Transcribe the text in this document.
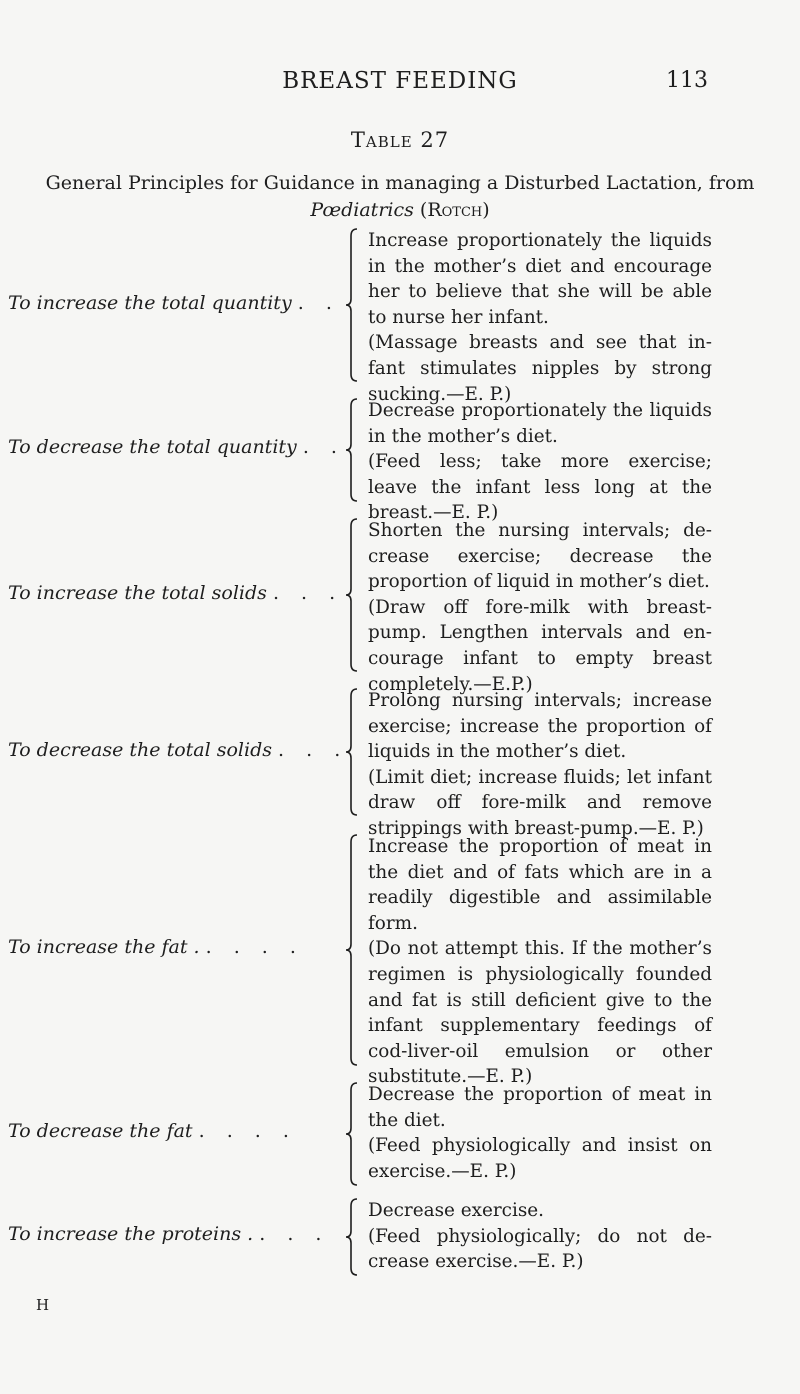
BREAST FEEDING	113
Table 27
General Principles for Guidance in managing a Disturbed Lactation, from
Pœdiatrics (Rotch)
To increase the total quantity . .

Increase proportionately the liquids in the mother’s diet and encourage her to believe that she will be able to nurse her infant.

(Massage breasts and see that infant stimulates nipples by strong sucking.—E. P.)

To decrease the total quantity . .

Decrease proportionately the liquids in the mother’s diet.

(Feed less; take more exercise; leave the infant less long at the breast.—E. P.)

To increase the total solids . . .

Shorten the nursing intervals; decrease exercise; decrease the proportion of liquid in mother’s diet.

(Draw off fore-milk with breast-pump. Lengthen intervals and encourage infant to empty breast completely.—E.P.)

To decrease the total solids . . .

Prolong nursing intervals; increase exercise; increase the proportion of liquids in the mother’s diet.

(Limit diet; increase fluids; let infant draw off fore-milk and remove strippings with breast-pump.—E. P.)

To increase the fat . . . . .

Increase the proportion of meat in the diet and of fats which are in a readily digestible and assimilable form.

(Do not attempt this. If the mother’s regimen is physiologically founded and fat is still deficient give to the infant supplementary feedings of cod-liver-oil emulsion or other substitute.—E. P.)

To decrease the fat . . . .

Decrease the proportion of meat in the diet.

(Feed physiologically and insist on exercise.—E. P.)

To increase the proteins . . . .

Decrease exercise.

(Feed physiologically; do not decrease exercise.—E. P.)

H
